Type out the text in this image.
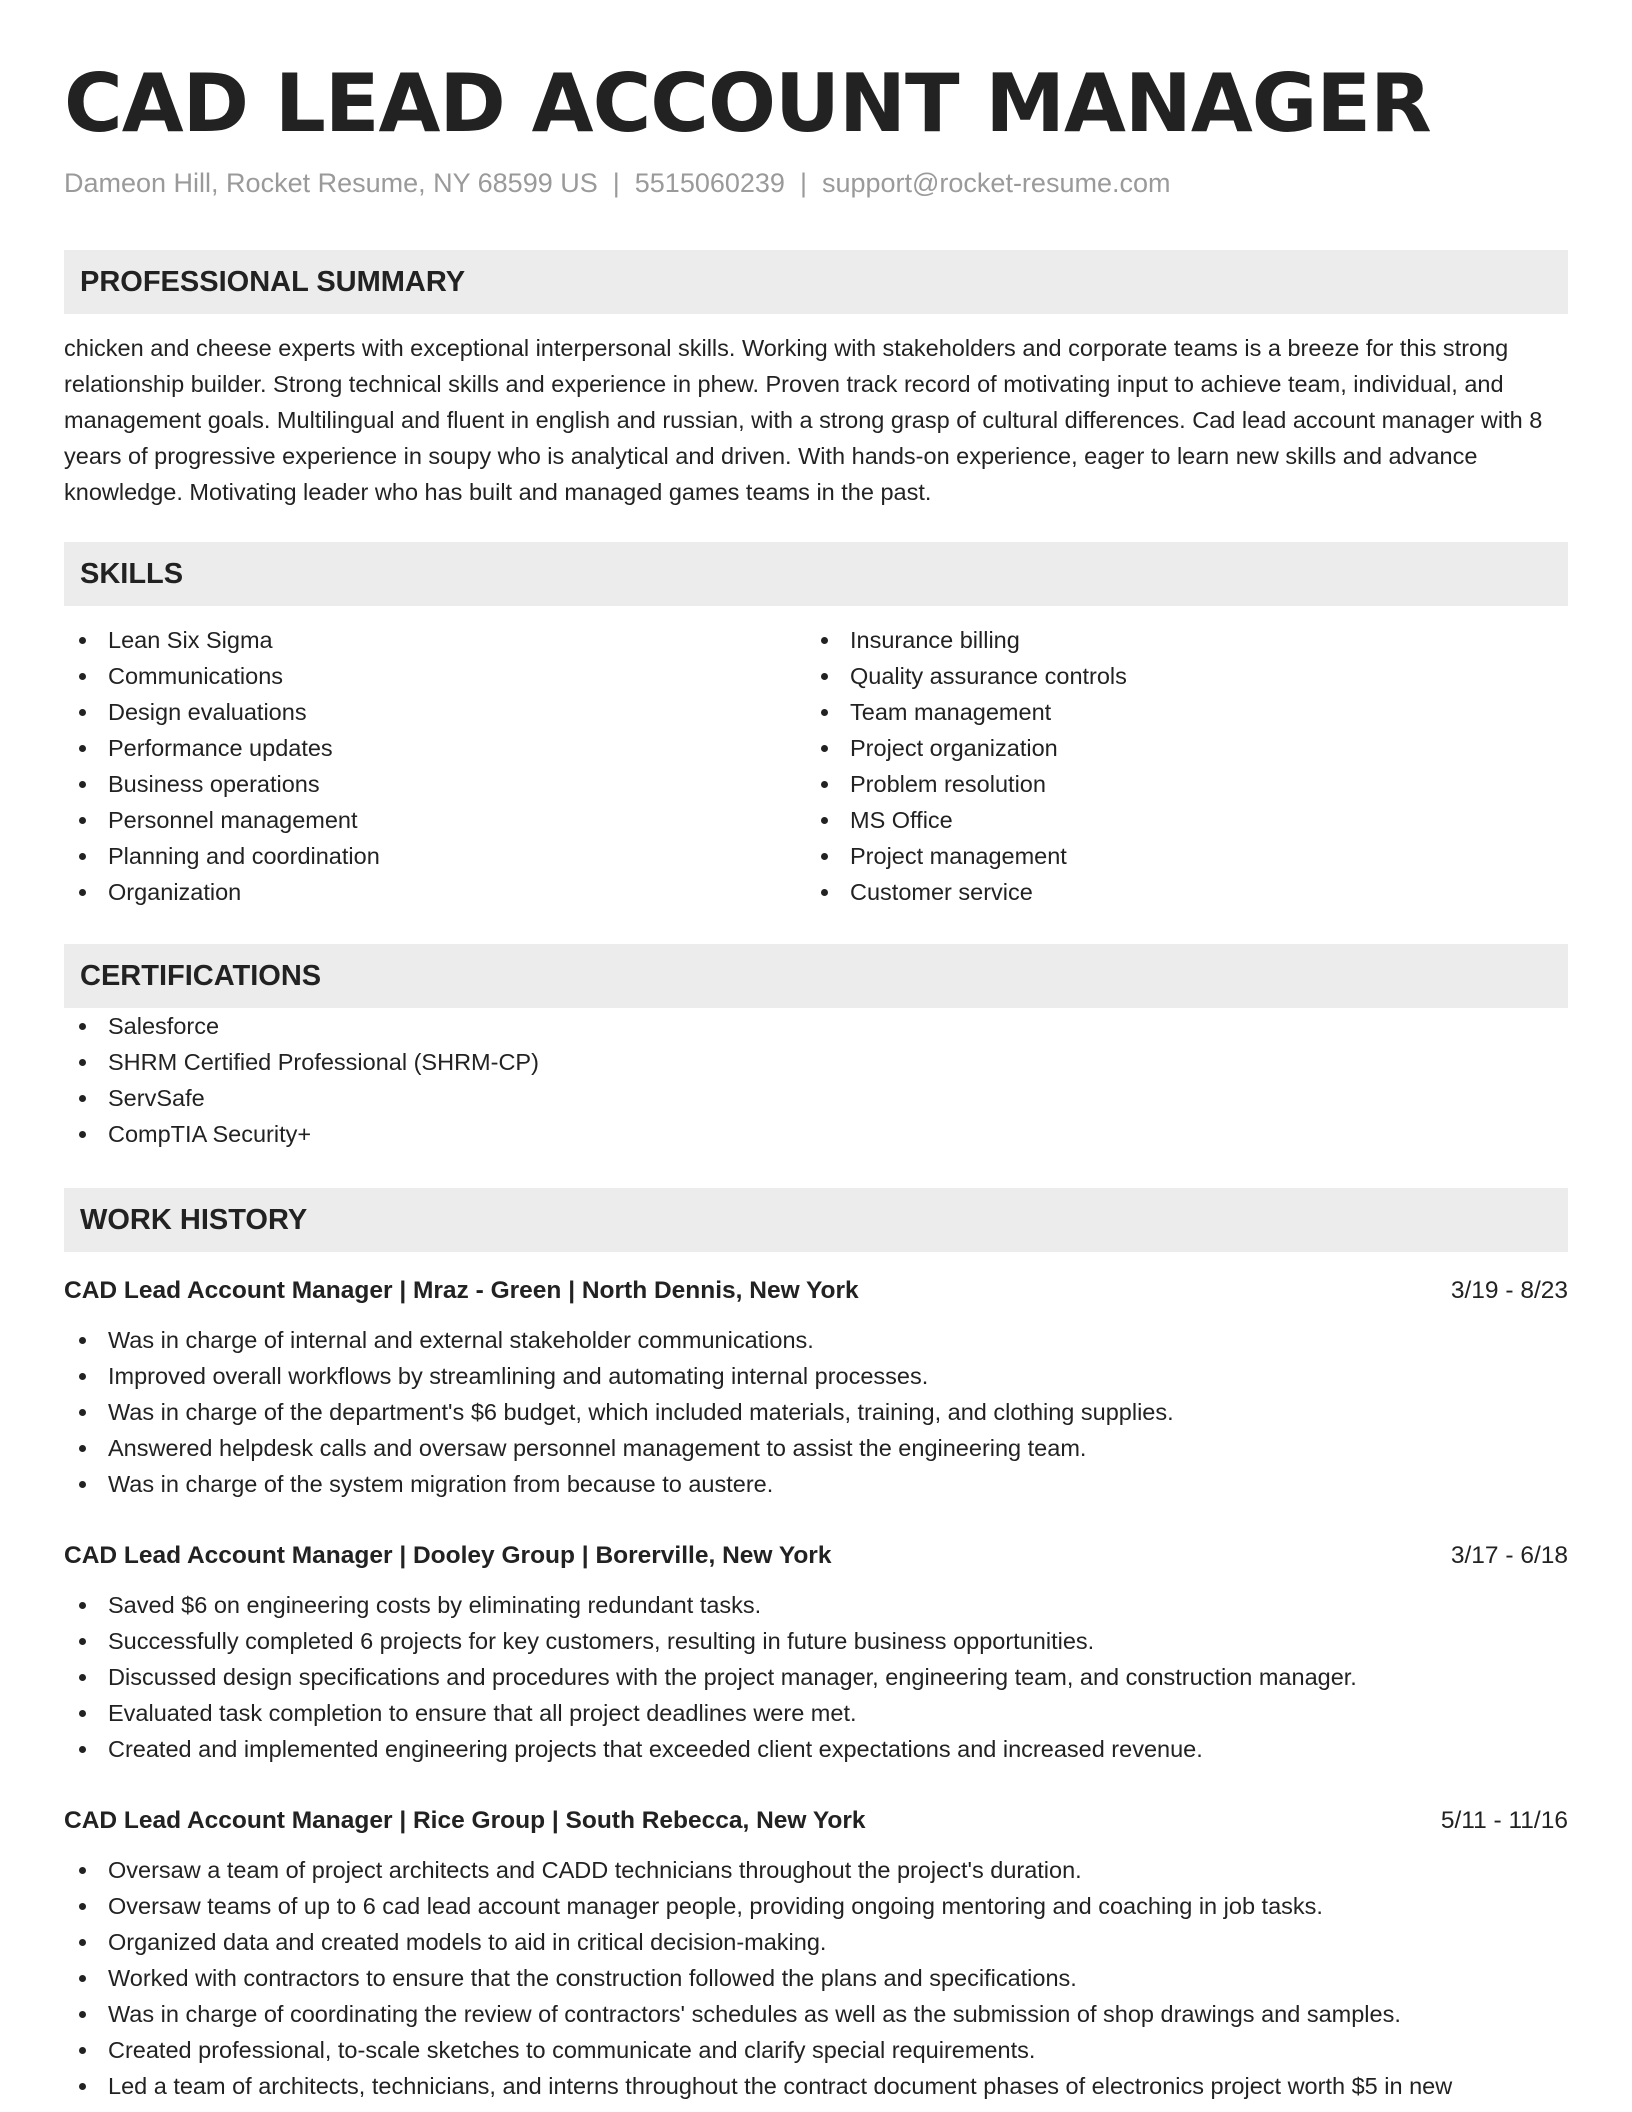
CAD LEAD ACCOUNT MANAGER
Dameon Hill, Rocket Resume, NY 68599 US | 5515060239 | support@rocket-resume.com
PROFESSIONAL SUMMARY

chicken and cheese experts with exceptional interpersonal skills. Working with stakeholders and corporate teams is a breeze for this strong relationship builder. Strong technical skills and experience in phew. Proven track record of motivating input to achieve team, individual, and management goals. Multilingual and fluent in english and russian, with a strong grasp of cultural differences. Cad lead account manager with 8 years of progressive experience in soupy who is analytical and driven. With hands-on experience, eager to learn new skills and advance knowledge. Motivating leader who has built and managed games teams in the past.

SKILLS
Lean Six Sigma
Communications
Design evaluations
Performance updates
Business operations
Personnel management
Planning and coordination
Organization
Insurance billing
Quality assurance controls
Team management
Project organization
Problem resolution
MS Office
Project management
Customer service
CERTIFICATIONS
Salesforce
SHRM Certified Professional (SHRM-CP)
ServSafe
CompTIA Security+
WORK HISTORY
CAD Lead Account Manager | Mraz - Green | North Dennis, New York	3/19 - 8/23
Was in charge of internal and external stakeholder communications.
Improved overall workflows by streamlining and automating internal processes.
Was in charge of the department's $6 budget, which included materials, training, and clothing supplies.
Answered helpdesk calls and oversaw personnel management to assist the engineering team.
Was in charge of the system migration from because to austere.
CAD Lead Account Manager | Dooley Group | Borerville, New York	3/17 - 6/18
Saved $6 on engineering costs by eliminating redundant tasks.
Successfully completed 6 projects for key customers, resulting in future business opportunities.
Discussed design specifications and procedures with the project manager, engineering team, and construction manager.
Evaluated task completion to ensure that all project deadlines were met.
Created and implemented engineering projects that exceeded client expectations and increased revenue.
CAD Lead Account Manager | Rice Group | South Rebecca, New York	5/11 - 11/16
Oversaw a team of project architects and CADD technicians throughout the project's duration.
Oversaw teams of up to 6 cad lead account manager people, providing ongoing mentoring and coaching in job tasks.
Organized data and created models to aid in critical decision-making.
Worked with contractors to ensure that the construction followed the plans and specifications.
Was in charge of coordinating the review of contractors' schedules as well as the submission of shop drawings and samples.
Created professional, to-scale sketches to communicate and clarify special requirements.
Led a team of architects, technicians, and interns throughout the contract document phases of electronics project worth $5 in new
